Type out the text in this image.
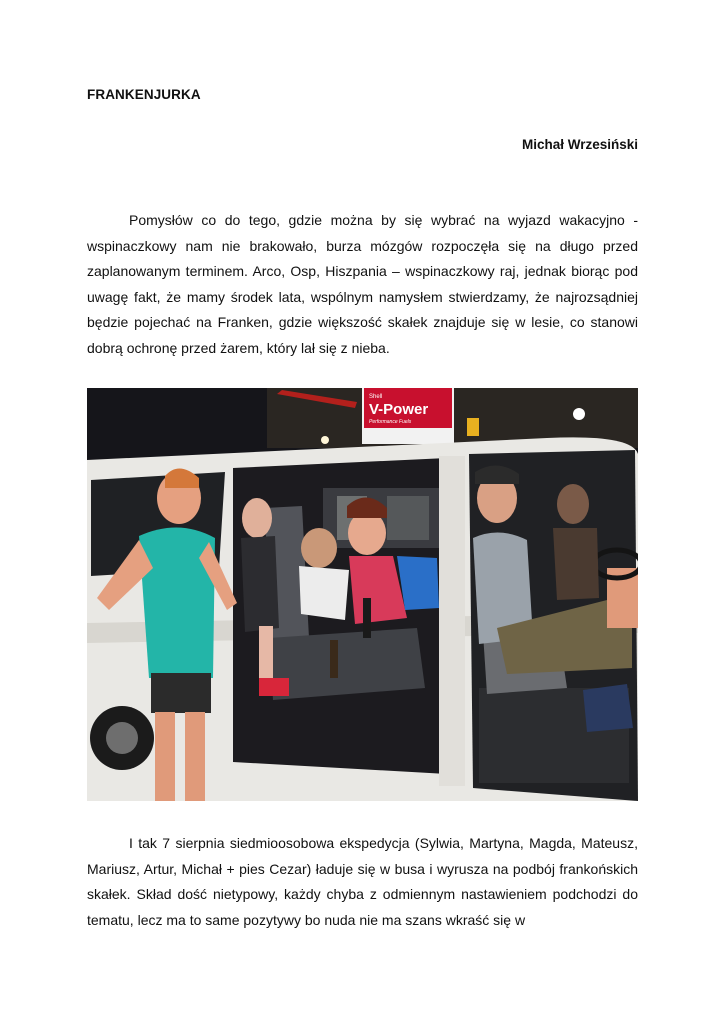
FRANKENJURKA

Michał Wrzesiński

Pomysłów co do tego, gdzie można by się wybrać na wyjazd wakacyjno - wspinaczkowy nam nie brakowało, burza mózgów rozpoczęła się na długo przed zaplanowanym terminem. Arco, Osp, Hiszpania – wspinaczkowy raj, jednak biorąc pod uwagę fakt, że mamy środek lata, wspólnym namysłem stwierdzamy, że najrozsądniej będzie pojechać na Franken, gdzie większość skałek znajduje się w lesie, co stanowi dobrą ochronę przed żarem, który lał się z nieba.

Shell
V-Power
Performance Fuels

I tak 7 sierpnia siedmioosobowa ekspedycja (Sylwia, Martyna, Magda, Mateusz, Mariusz, Artur, Michał + pies Cezar) ładuje się w busa i wyrusza na podbój frankońskich skałek. Skład dość nietypowy, każdy chyba z odmiennym nastawieniem podchodzi do tematu, lecz ma to same pozytywy bo nuda nie ma szans wkraść się w
